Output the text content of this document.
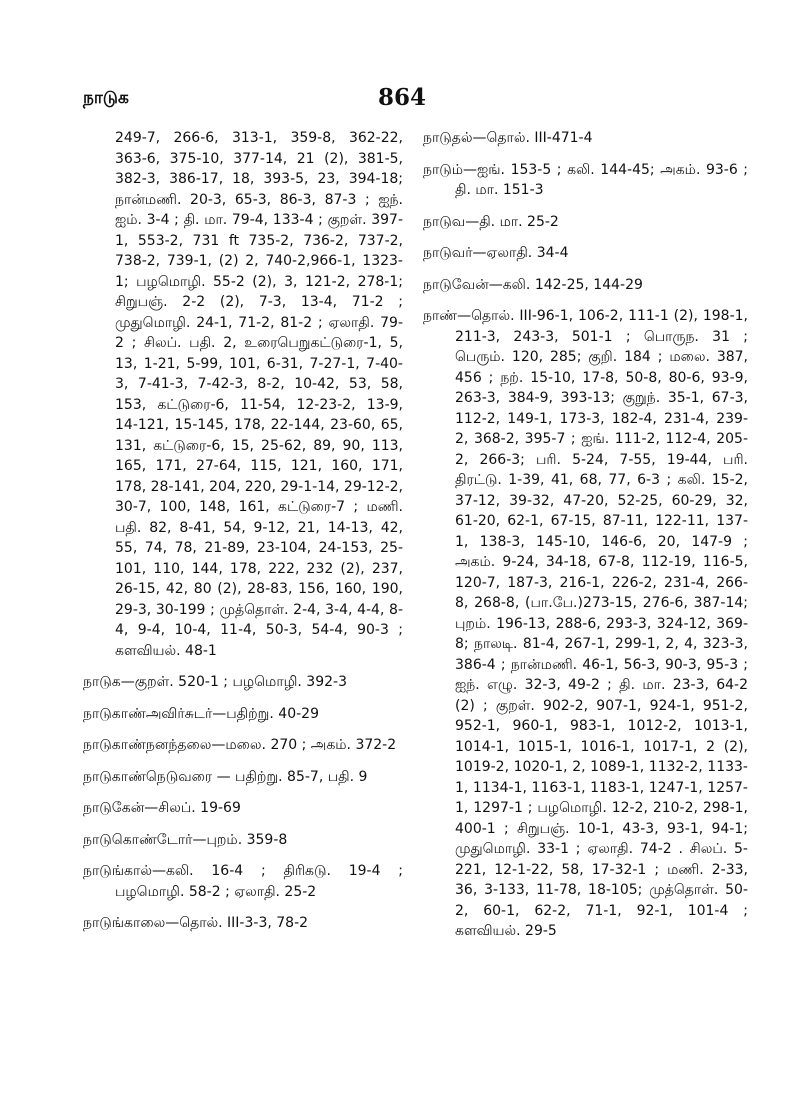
நாடுக	864
249-7, 266-6, 313-1, 359-8, 362-22, 363-6, 375-10, 377-14, 21 (2), 381-5, 382-3, 386-17, 18, 393-5, 23, 394-18; நான்மணி. 20-3, 65-3, 86-3, 87-3 ; ஐந். ஐம். 3-4 ; தி. மா. 79-4, 133-4 ; குறள். 397-1, 553-2, 731 ft 735-2, 736-2, 737-2, 738-2, 739-1, (2) 2, 740-2,966-1, 1323-1; பழமொழி. 55-2 (2), 3, 121-2, 278-1; சிறுபஞ். 2-2 (2), 7-3, 13-4, 71-2 ; முதுமொழி. 24-1, 71-2, 81-2 ; ஏலாதி. 79-2 ; சிலப். பதி. 2, உரைபெறுகட்டுரை-1, 5, 13, 1-21, 5-99, 101, 6-31, 7-27-1, 7-40-3, 7-41-3, 7-42-3, 8-2, 10-42, 53, 58, 153, கட்டுரை-6, 11-54, 12-23-2, 13-9, 14-121, 15-145, 178, 22-144, 23-60, 65, 131, கட்டுரை-6, 15, 25-62, 89, 90, 113, 165, 171, 27-64, 115, 121, 160, 171, 178, 28-141, 204, 220, 29-1-14, 29-12-2, 30-7, 100, 148, 161, கட்டுரை-7 ; மணி. பதி. 82, 8-41, 54, 9-12, 21, 14-13, 42, 55, 74, 78, 21-89, 23-104, 24-153, 25-101, 110, 144, 178, 222, 232 (2), 237, 26-15, 42, 80 (2), 28-83, 156, 160, 190, 29-3, 30-199 ; முத்தொள். 2-4, 3-4, 4-4, 8-4, 9-4, 10-4, 11-4, 50-3, 54-4, 90-3 ; களவியல். 48-1
நாடுக—குறள். 520-1 ; பழமொழி. 392-3
நாடுகாண்அவிர்சுடர்—பதிற்று. 40-29
நாடுகாண்நனந்தலை—மலை. 270 ; அகம். 372-2
நாடுகாண்நெடுவரை — பதிற்று. 85-7, பதி. 9
நாடுகேன்—சிலப். 19-69
நாடுகொண்டோர்—புறம். 359-8
நாடுங்கால்—கலி. 16-4 ; திரிகடு. 19-4 ; பழமொழி. 58-2 ; ஏலாதி. 25-2
நாடுங்காலை—தொல். III-3-3, 78-2
நாடுதல்—தொல். III-471-4
நாடும்—ஐங். 153-5 ; கலி. 144-45; அகம். 93-6 ; தி. மா. 151-3
நாடுவ—தி. மா. 25-2
நாடுவர்—ஏலாதி. 34-4
நாடுவேன்—கலி. 142-25, 144-29
நாண்—தொல். III-96-1, 106-2, 111-1 (2), 198-1, 211-3, 243-3, 501-1 ; பொருந. 31 ; பெரும். 120, 285; குறி. 184 ; மலை. 387, 456 ; நற். 15-10, 17-8, 50-8, 80-6, 93-9, 263-3, 384-9, 393-13; குறுந். 35-1, 67-3, 112-2, 149-1, 173-3, 182-4, 231-4, 239-2, 368-2, 395-7 ; ஐங். 111-2, 112-4, 205-2, 266-3; பரி. 5-24, 7-55, 19-44, பரி. திரட்டு. 1-39, 41, 68, 77, 6-3 ; கலி. 15-2, 37-12, 39-32, 47-20, 52-25, 60-29, 32, 61-20, 62-1, 67-15, 87-11, 122-11, 137-1, 138-3, 145-10, 146-6, 20, 147-9 ; அகம். 9-24, 34-18, 67-8, 112-19, 116-5, 120-7, 187-3, 216-1, 226-2, 231-4, 266-8, 268-8, (பா.பே.)273-15, 276-6, 387-14; புறம். 196-13, 288-6, 293-3, 324-12, 369-8; நாலடி. 81-4, 267-1, 299-1, 2, 4, 323-3, 386-4 ; நான்மணி. 46-1, 56-3, 90-3, 95-3 ; ஐந். எழு. 32-3, 49-2 ; தி. மா. 23-3, 64-2 (2) ; குறள். 902-2, 907-1, 924-1, 951-2, 952-1, 960-1, 983-1, 1012-2, 1013-1, 1014-1, 1015-1, 1016-1, 1017-1, 2 (2), 1019-2, 1020-1, 2, 1089-1, 1132-2, 1133-1, 1134-1, 1163-1, 1183-1, 1247-1, 1257-1, 1297-1 ; பழமொழி. 12-2, 210-2, 298-1, 400-1 ; சிறுபஞ். 10-1, 43-3, 93-1, 94-1; முதுமொழி. 33-1 ; ஏலாதி. 74-2 . சிலப். 5-221, 12-1-22, 58, 17-32-1 ; மணி. 2-33, 36, 3-133, 11-78, 18-105; முத்தொள். 50-2, 60-1, 62-2, 71-1, 92-1, 101-4 ; களவியல். 29-5
